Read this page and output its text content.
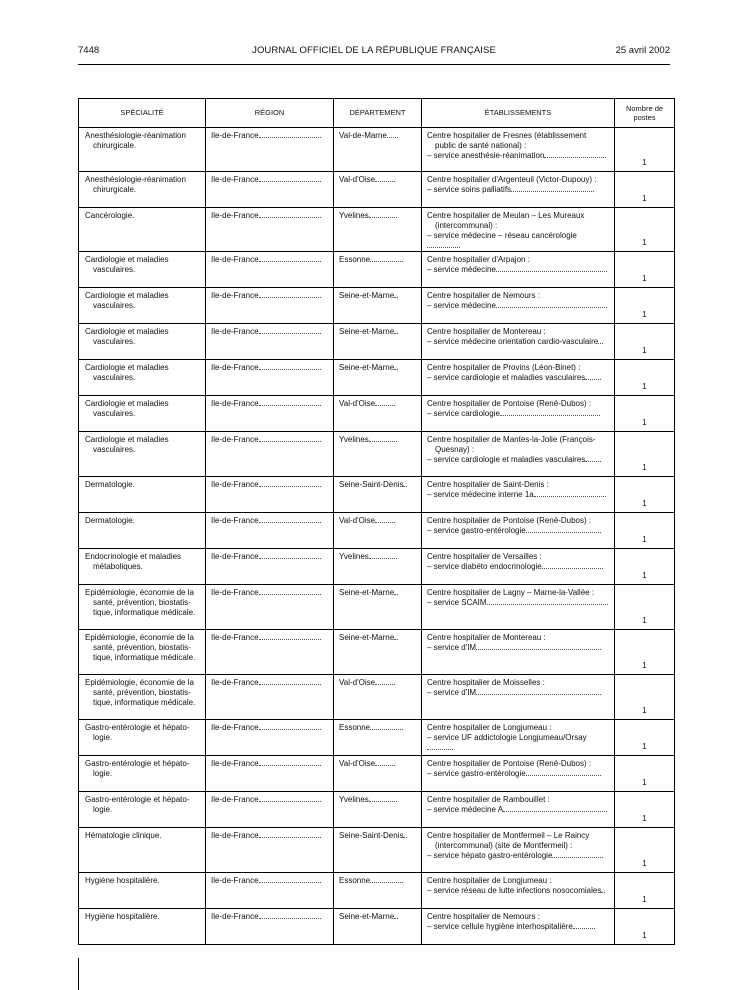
7448	JOURNAL OFFICIEL DE LA RÉPUBLIQUE FRANÇAISE	25 avril 2002
SPÉCIALITÉ	RÉGION	DÉPARTEMENT	ÉTABLISSEMENTS	Nombre de postes

Anesthésiologie-réanimation
chirurgicale.	Ile-de-France	Val-de-Marne	Centre hospitalier de Fresnes (établissement
public de santé national) :
– service anesthésie-réanimation	1

Anesthésiologie-réanimation
chirurgicale.	Ile-de-France	Val-d'Oise	Centre hospitalier d'Argenteuil (Victor-Dupouy) :
– service soins palliatifs	1

Cancérologie.	Ile-de-France	Yvelines	Centre hospitalier de Meulan – Les Mureaux
(intercommunal) :
– service médecine – réseau cancérologie	1

Cardiologie et maladies
vasculaires.	Ile-de-France	Essonne	Centre hospitalier d'Arpajon :
– service médecine	1

Cardiologie et maladies
vasculaires.	Ile-de-France	Seine-et-Marne	Centre hospitalier de Nemours :
– service médecine	1

Cardiologie et maladies
vasculaires.	Ile-de-France	Seine-et-Marne	Centre hospitalier de Montereau :
– service médecine orientation cardio-vasculaire	1

Cardiologie et maladies
vasculaires.	Ile-de-France	Seine-et-Marne	Centre hospitalier de Provins (Léon-Binet) :
– service cardiologie et maladies vasculaires	1

Cardiologie et maladies
vasculaires.	Ile-de-France	Val-d'Oise	Centre hospitalier de Pontoise (René-Dubos) :
– service cardiologie	1

Cardiologie et maladies
vasculaires.	Ile-de-France	Yvelines	Centre hospitalier de Mantes-la-Jolie (François-
Quesnay) :
– service cardiologie et maladies vasculaires	1

Dermatologie.	Ile-de-France	Seine-Saint-Denis	Centre hospitalier de Saint-Denis :
– service médecine interne 1a	1

Dermatologie.	Ile-de-France	Val-d'Oise	Centre hospitalier de Pontoise (René-Dubos) :
– service gastro-entérologie	1

Endocrinologie et maladies
métaboliques.	Ile-de-France	Yvelines	Centre hospitalier de Versailles :
– service diabéto endocrinologie	1

Epidémiologie, économie de la
santé, prévention, biostatis-
tique, informatique médicale.	Ile-de-France	Seine-et-Marne	Centre hospitalier de Lagny – Marne-la-Vallée :
– service SCAIM	1

Epidémiologie, économie de la
santé, prévention, biostatis-
tique, informatique médicale.	Ile-de-France	Seine-et-Marne	Centre hospitalier de Montereau :
– service d'IM	1

Epidémiologie, économie de la
santé, prévention, biostatis-
tique, informatique médicale.	Ile-de-France	Val-d'Oise	Centre hospitalier de Moisselles :
– service d'IM	1

Gastro-entérologie et hépato-
logie.	Ile-de-France	Essonne	Centre hospitalier de Longjumeau :
– service UF addictologie Longjumeau/Orsay	1

Gastro-entérologie et hépato-
logie.	Ile-de-France	Val-d'Oise	Centre hospitalier de Pontoise (René-Dubos) :
– service gastro-entérologie	1

Gastro-entérologie et hépato-
logie.	Ile-de-France	Yvelines	Centre hospitalier de Rambouillet :
– service médecine A	1

Hématologie clinique.	Ile-de-France	Seine-Saint-Denis	Centre hospitalier de Montfermeil – Le Raincy
(intercommunal) (site de Montfermeil) :
– service hépato gastro-entérologie	1

Hygiène hospitalière.	Ile-de-France	Essonne	Centre hospitalier de Longjumeau :
– service réseau de lutte infections nosocomiales	1

Hygiène hospitalière.	Ile-de-France	Seine-et-Marne	Centre hospitalier de Nemours :
– service cellule hygiène interhospitalière	1
